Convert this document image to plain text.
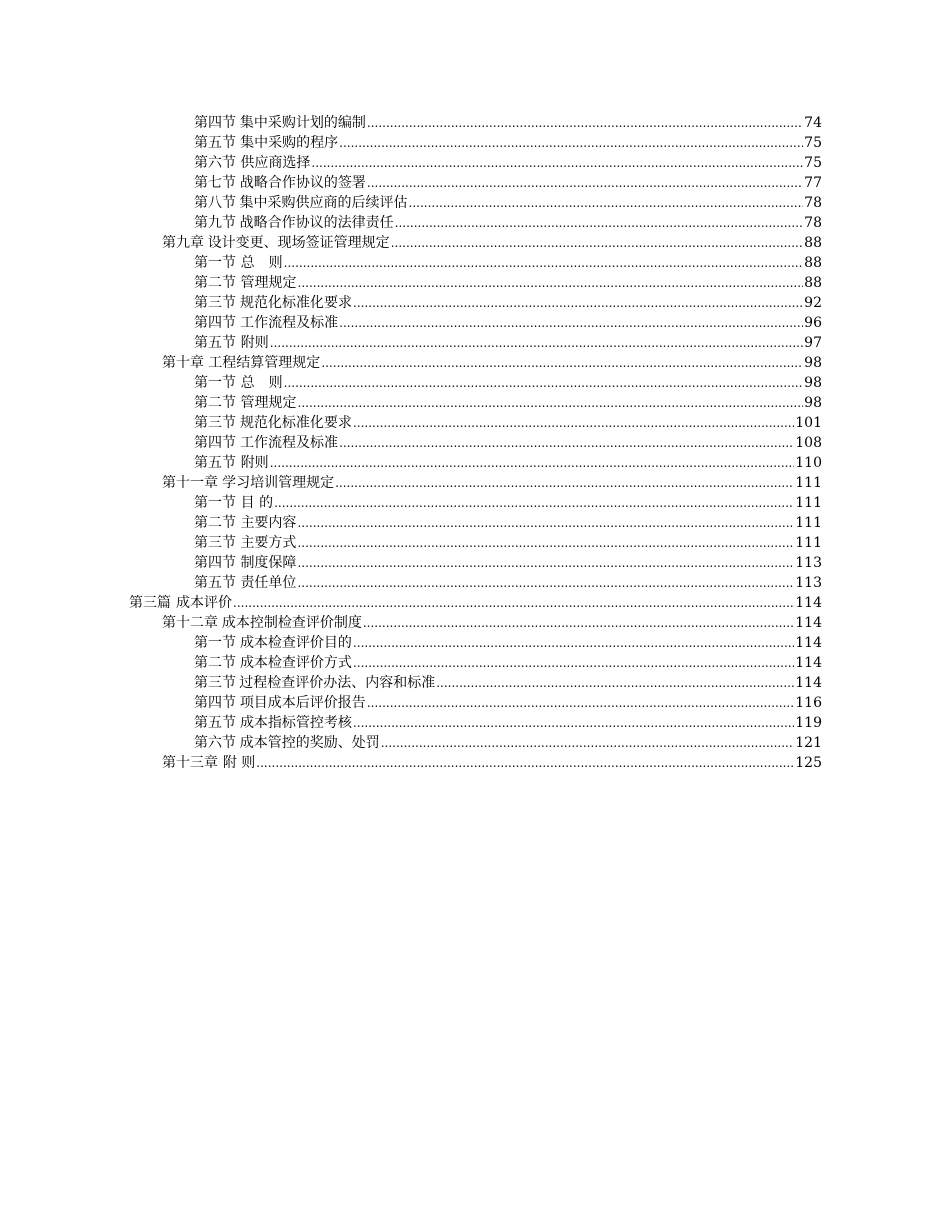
第四节 集中采购计划的编制 .....	74
第五节 集中采购的程序 .....	75
第六节 供应商选择 .....	75
第七节 战略合作协议的签署 .....	77
第八节 集中采购供应商的后续评估 .....	78
第九节 战略合作协议的法律责任 .....	78
第九章 设计变更、现场签证管理规定 .....	88
第一节 总　则 .....	88
第二节 管理规定 .....	88
第三节 规范化标准化要求 .....	92
第四节 工作流程及标准 .....	96
第五节 附则 .....	97
第十章 工程结算管理规定 .....	98
第一节 总　则 .....	98
第二节 管理规定 .....	98
第三节 规范化标准化要求 .....	101
第四节 工作流程及标准 .....	108
第五节 附则 .....	110
第十一章 学习培训管理规定 .....	111
第一节 目 的 .....	111
第二节 主要内容 .....	111
第三节 主要方式 .....	111
第四节 制度保障 .....	113
第五节 责任单位 .....	113
第三篇 成本评价 .....	114
第十二章 成本控制检查评价制度 .....	114
第一节 成本检查评价目的 .....	114
第二节 成本检查评价方式 .....	114
第三节 过程检查评价办法、内容和标准 .....	114
第四节 项目成本后评价报告 .....	116
第五节 成本指标管控考核 .....	119
第六节 成本管控的奖励、处罚 .....	121
第十三章 附 则 .....	125
